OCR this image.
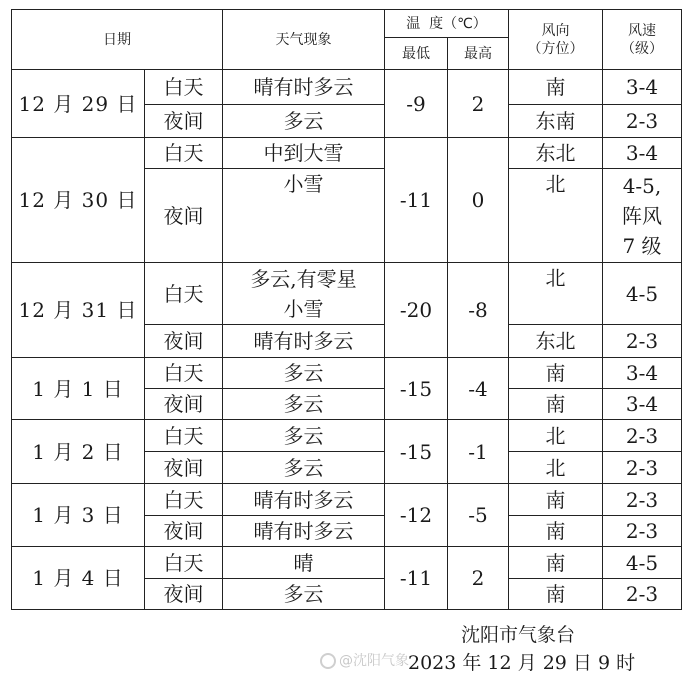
日期		天气现象	温  度（℃）		风向
（方位）	风速
（级）
			最低	最高		
12 月 29 日	白天	晴有时多云	-9	2	南	3-4
	夜间	多云			东南	2-3
12 月 30 日	白天	中到大雪	-11	0	东北	3-4
	夜间	小雪			北	4-5,
阵风
7 级
12 月 31 日	白天	多云,有零星
小雪	-20	-8	北	4-5
	夜间	晴有时多云			东北	2-3
1 月 1 日	白天	多云	-15	-4	南	3-4
	夜间	多云			南	3-4
1 月 2 日	白天	多云	-15	-1	北	2-3
	夜间	多云			北	2-3
1 月 3 日	白天	晴有时多云	-12	-5	南	2-3
	夜间	晴有时多云			南	2-3
1 月 4 日	白天	晴	-11	2	南	4-5
	夜间	多云			南	2-3
沈阳市气象台
@沈阳气象 2023 年 12 月 29 日 9 时
